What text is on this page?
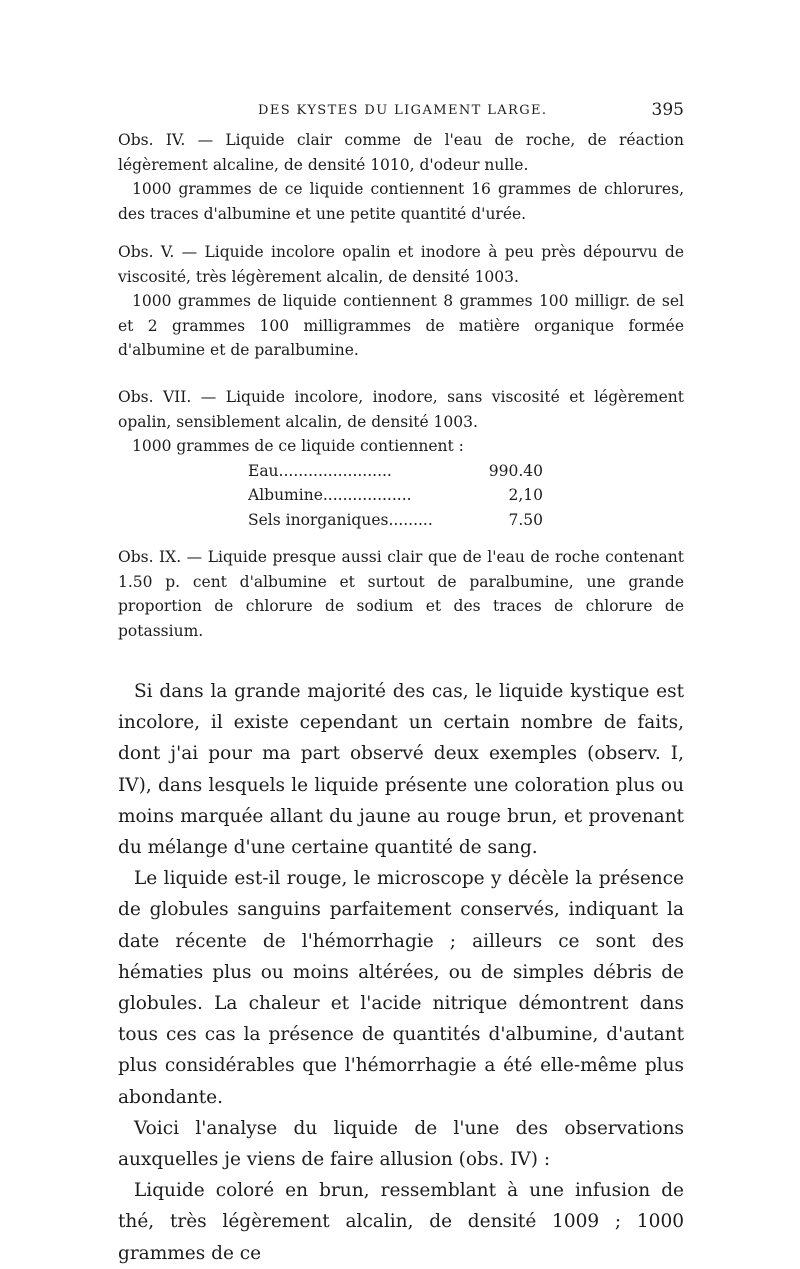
DES KYSTES DU LIGAMENT LARGE.	395

Obs. IV. — Liquide clair comme de l'eau de roche, de réaction légèrement alcaline, de densité 1010, d'odeur nulle.

1000 grammes de ce liquide contiennent 16 grammes de chlorures, des traces d'albumine et une petite quantité d'urée.

Obs. V. — Liquide incolore opalin et inodore à peu près dépourvu de viscosité, très légèrement alcalin, de densité 1003.

1000 grammes de liquide contiennent 8 grammes 100 milligr. de sel et 2 grammes 100 milligrammes de matière organique formée d'albumine et de paralbumine.

Obs. VII. — Liquide incolore, inodore, sans viscosité et légèrement opalin, sensiblement alcalin, de densité 1003.

1000 grammes de ce liquide contiennent :

Eau.......................	990.40
Albumine..................	2,10
Sels inorganiques.........	7.50

Obs. IX. — Liquide presque aussi clair que de l'eau de roche contenant 1.50 p. cent d'albumine et surtout de paralbumine, une grande proportion de chlorure de sodium et des traces de chlorure de potassium.

Si dans la grande majorité des cas, le liquide kystique est incolore, il existe cependant un certain nombre de faits, dont j'ai pour ma part observé deux exemples (observ. I, IV), dans lesquels le liquide présente une coloration plus ou moins marquée allant du jaune au rouge brun, et provenant du mélange d'une certaine quantité de sang.

Le liquide est-il rouge, le microscope y décèle la présence de globules sanguins parfaitement conservés, indiquant la date récente de l'hémorrhagie ; ailleurs ce sont des hématies plus ou moins altérées, ou de simples débris de globules. La chaleur et l'acide nitrique démontrent dans tous ces cas la présence de quantités d'albumine, d'autant plus considérables que l'hémorrhagie a été elle-même plus abondante.

Voici l'analyse du liquide de l'une des observations auxquelles je viens de faire allusion (obs. IV) :

Liquide coloré en brun, ressemblant à une infusion de thé, très légèrement alcalin, de densité 1009 ; 1000 grammes de ce
